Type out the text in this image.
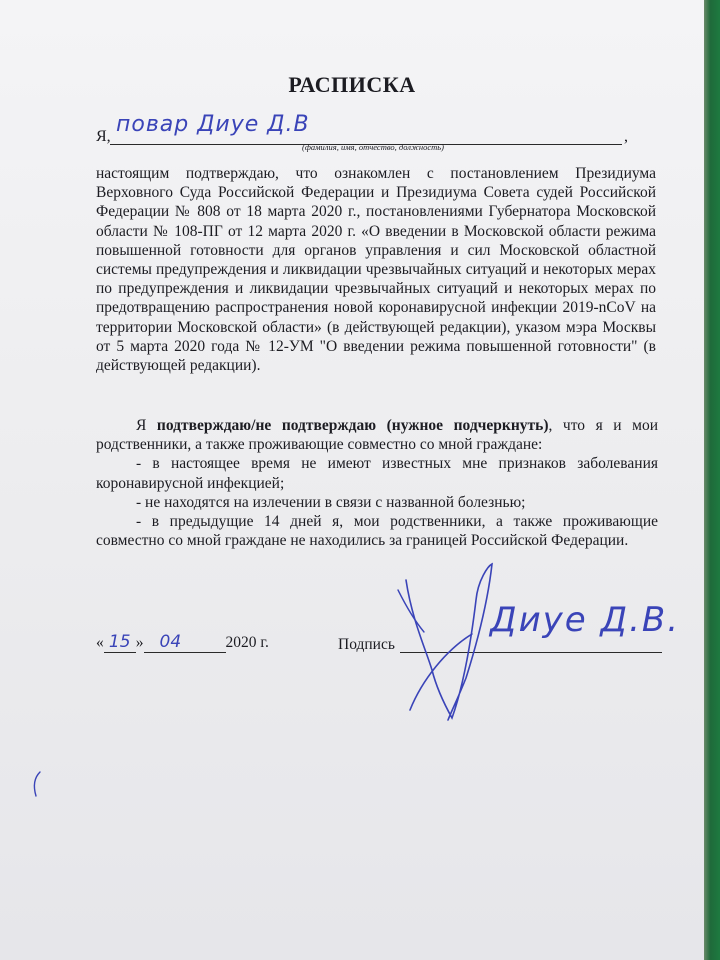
РАСПИСКА
Я,	,
повар Диуе Д.В
(фамилия, имя, отчество, должность)

настоящим подтверждаю, что ознакомлен с постановлением Президиума Верховного Суда Российской Федерации и Президиума Совета судей Российской Федерации № 808 от 18 марта 2020 г., постановлениями Губернатора Московской области № 108-ПГ от 12 марта 2020 г. «О введении в Московской области режима повышенной готовности для органов управления и сил Московской областной системы предупреждения и ликвидации чрезвычайных ситуаций и некоторых мерах по предупреждения и ликвидации чрезвычайных ситуаций и некоторых мерах по предотвращению распространения новой коронавирусной инфекции 2019-nCoV на территории Московской области» (в действующей редакции), указом мэра Москвы от 5 марта 2020 года № 12-УМ "О введении режима повышенной готовности" (в действующей редакции).

Я подтверждаю/не подтверждаю (нужное подчеркнуть), что я и мои родственники, а также проживающие совместно со мной граждане:

- в настоящее время не имеют известных мне признаков заболевания коронавирусной инфекцией;

- не находятся на излечении в связи с названной болезнью;

- в предыдущие 14 дней я, мои родственники, а также проживающие совместно со мной граждане не находились за границей Российской Федерации.

« 15 » 04	2020 г.	Подпись
Диуе Д.В.
